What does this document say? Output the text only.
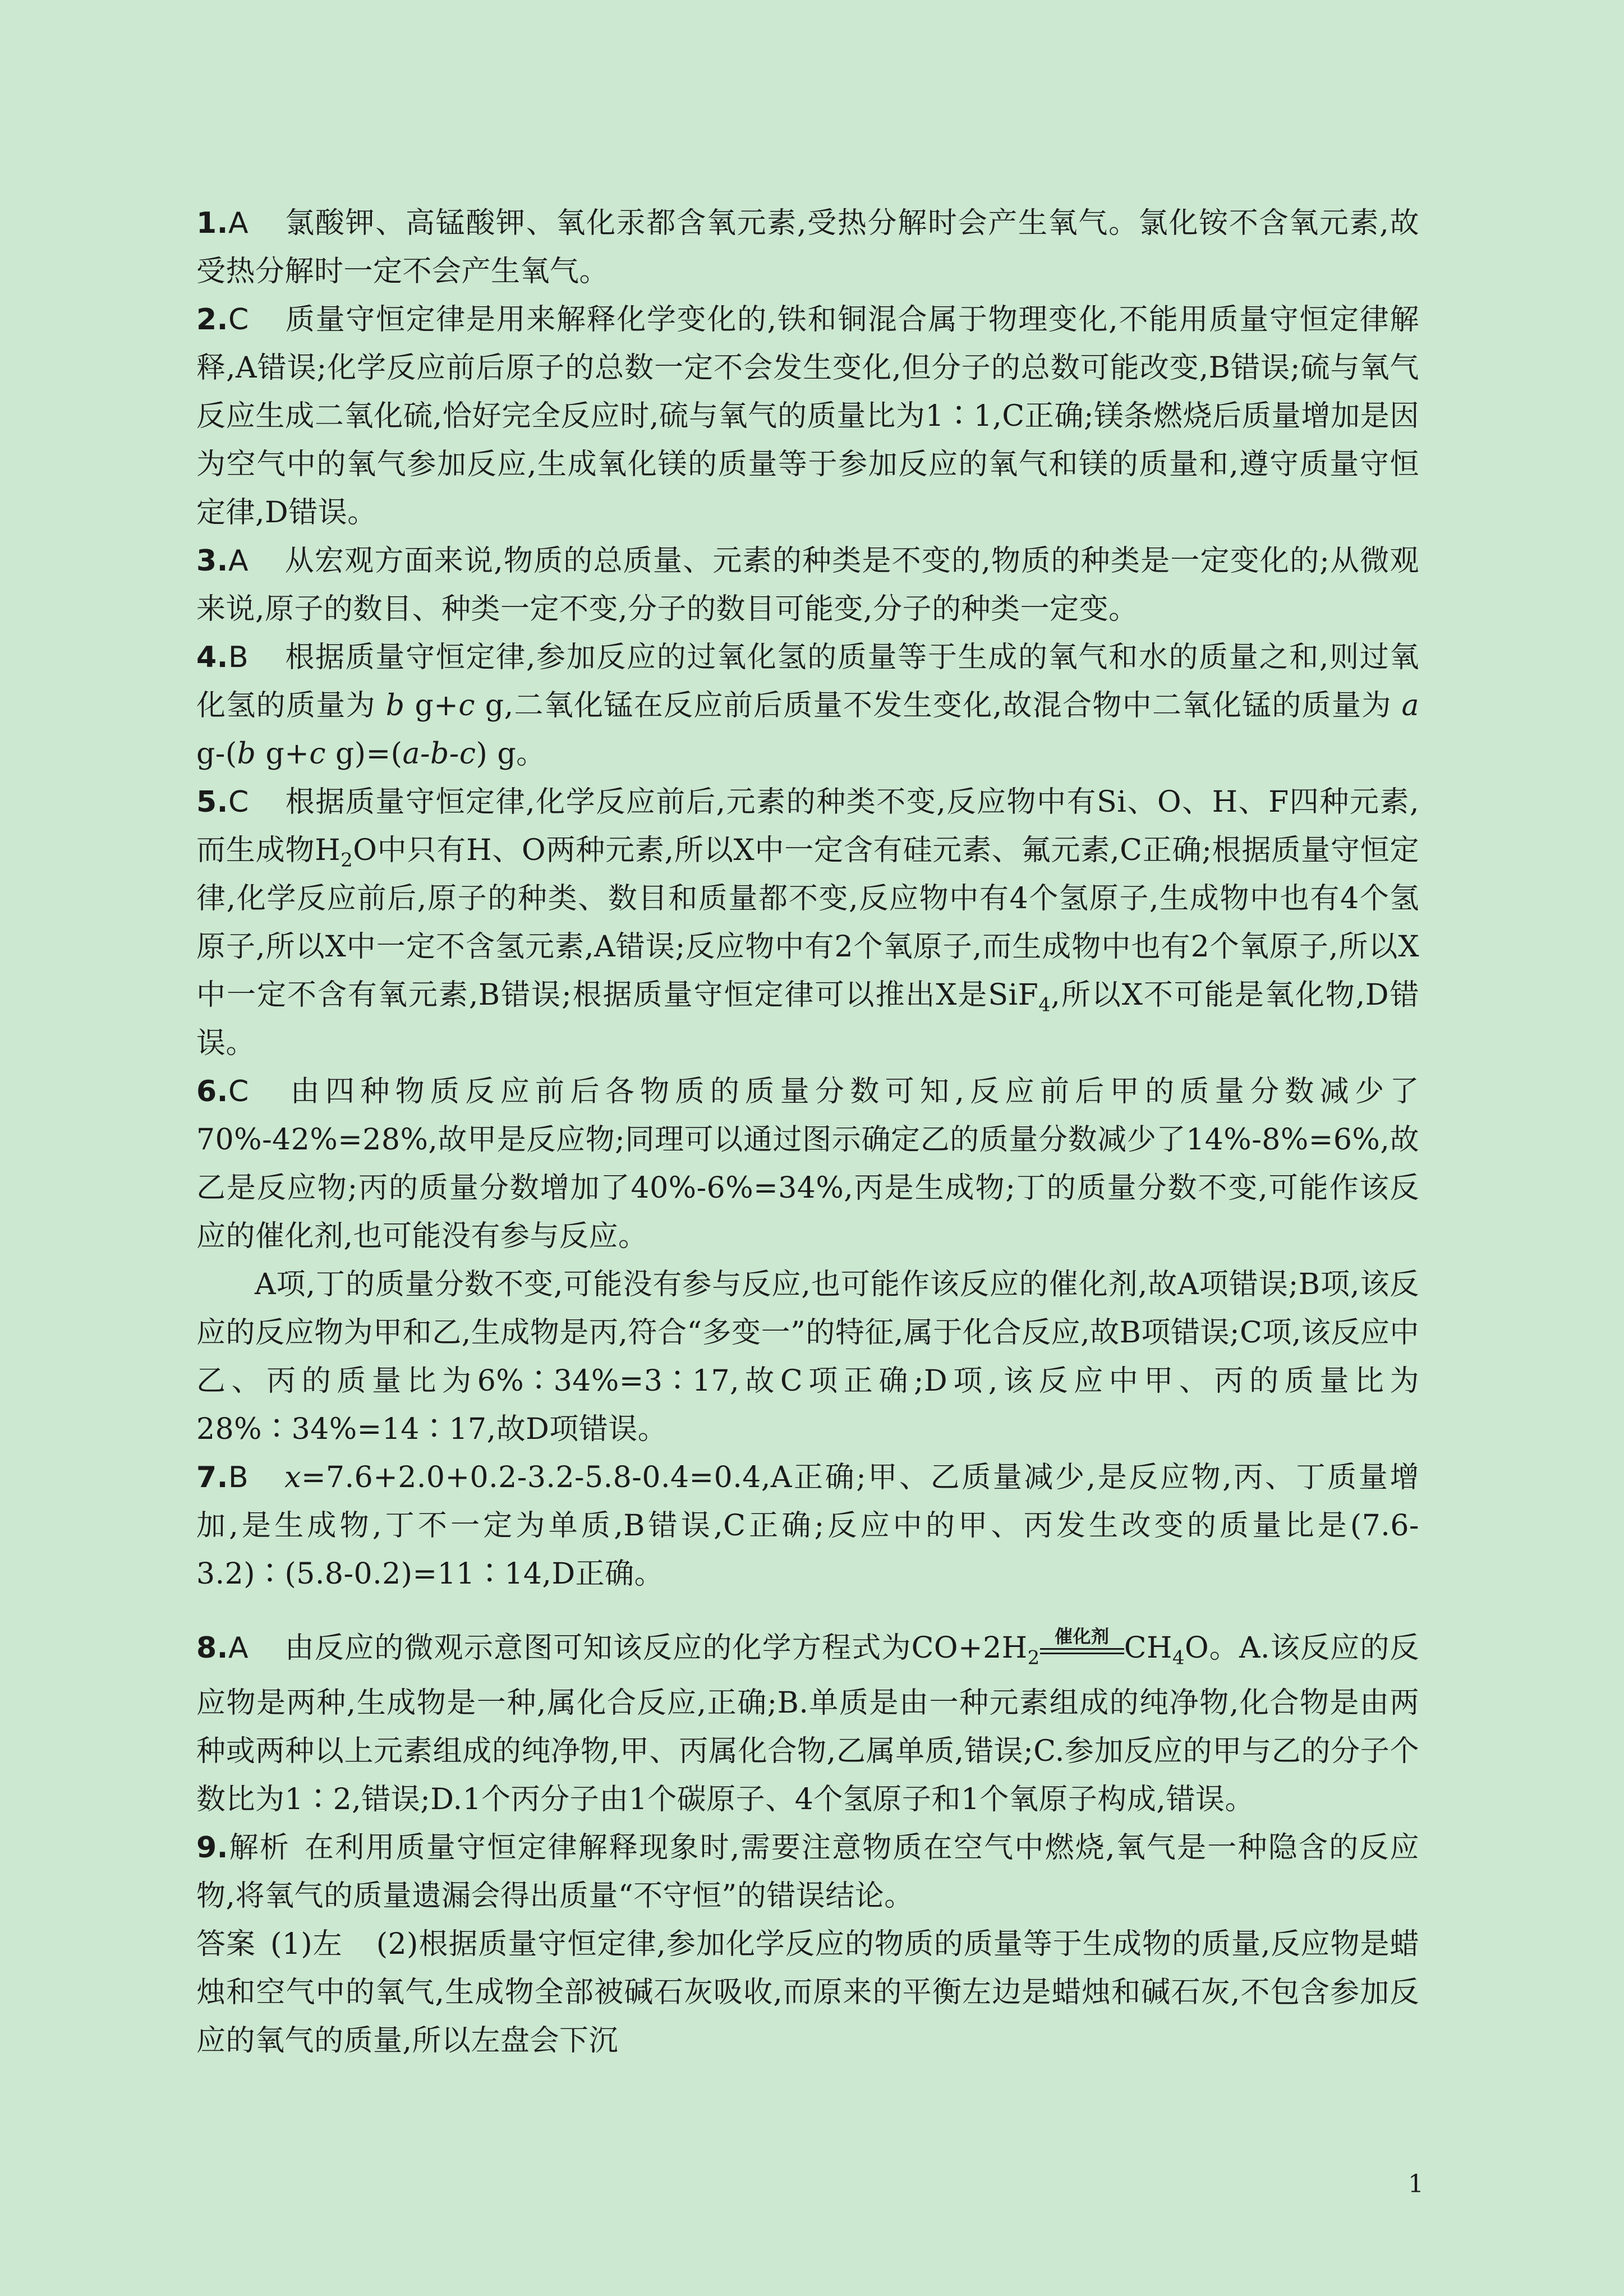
1.A 氯酸钾、高锰酸钾、氧化汞都含氧元素,受热分解时会产生氧气。氯化铵不含氧元素,故受热分解时一定不会产生氧气。

2.C 质量守恒定律是用来解释化学变化的,铁和铜混合属于物理变化,不能用质量守恒定律解释,A错误;化学反应前后原子的总数一定不会发生变化,但分子的总数可能改变,B错误;硫与氧气反应生成二氧化硫,恰好完全反应时,硫与氧气的质量比为1∶1,C正确;镁条燃烧后质量增加是因为空气中的氧气参加反应,生成氧化镁的质量等于参加反应的氧气和镁的质量和,遵守质量守恒定律,D错误。

3.A 从宏观方面来说,物质的总质量、元素的种类是不变的,物质的种类是一定变化的;从微观来说,原子的数目、种类一定不变,分子的数目可能变,分子的种类一定变。

4.B 根据质量守恒定律,参加反应的过氧化氢的质量等于生成的氧气和水的质量之和,则过氧化氢的质量为 b g+c g,二氧化锰在反应前后质量不发生变化,故混合物中二氧化锰的质量为 a g-(b g+c g)=(a-b-c) g。

5.C 根据质量守恒定律,化学反应前后,元素的种类不变,反应物中有Si、O、H、F四种元素,而生成物$H_2O$中只有H、O两种元素,所以X中一定含有硅元素、氟元素,C正确;根据质量守恒定律,化学反应前后,原子的种类、数目和质量都不变,反应物中有4个氢原子,生成物中也有4个氢原子,所以X中一定不含氢元素,A错误;反应物中有2个氧原子,而生成物中也有2个氧原子,所以X中一定不含有氧元素,B错误;根据质量守恒定律可以推出X是SiF$_4$,所以X不可能是氧化物,D错误。

6.C 由四种物质反应前后各物质的质量分数可知,反应前后甲的质量分数减少了70%-42%=28%,故甲是反应物;同理可以通过图示确定乙的质量分数减少了14%-8%=6%,故乙是反应物;丙的质量分数增加了40%-6%=34%,丙是生成物;丁的质量分数不变,可能作该反应的催化剂,也可能没有参与反应。

A项,丁的质量分数不变,可能没有参与反应,也可能作该反应的催化剂,故A项错误;B项,该反应的反应物为甲和乙,生成物是丙,符合“多变一”的特征,属于化合反应,故B项错误;C项,该反应中乙、丙的质量比为6%∶34%=3∶17,故C项正确;D项,该反应中甲、丙的质量比为28%∶34%=14∶17,故D项错误。

7.B x=7.6+2.0+0.2-3.2-5.8-0.4=0.4,A正确;甲、乙质量减少,是反应物,丙、丁质量增加,是生成物,丁不一定为单质,B错误,C正确;反应中的甲、丙发生改变的质量比是(7.6-3.2)∶(5.8-0.2)=11∶14,D正确。

8.A 由反应的微观示意图可知该反应的化学方程式为$CO+2H_2$
催化剂 $CH_4O$。A.该反应的反应物是两种,生成物是一种,属化合反应,正确;B.单质是由一种元素组成的纯净物,化合物是由两种或两种以上元素组成的纯净物,甲、丙属化合物,乙属单质,错误;C.参加反应的甲与乙的分子个数比为1∶2,错误;D.1个丙分子由1个碳原子、4个氢原子和1个氧原子构成,错误。

9.解析 在利用质量守恒定律解释现象时,需要注意物质在空气中燃烧,氧气是一种隐含的反应物,将氧气的质量遗漏会得出质量“不守恒”的错误结论。

答案 (1)左 (2)根据质量守恒定律,参加化学反应的物质的质量等于生成物的质量,反应物是蜡烛和空气中的氧气,生成物全部被碱石灰吸收,而原来的平衡左边是蜡烛和碱石灰,不包含参加反应的氧气的质量,所以左盘会下沉

1
